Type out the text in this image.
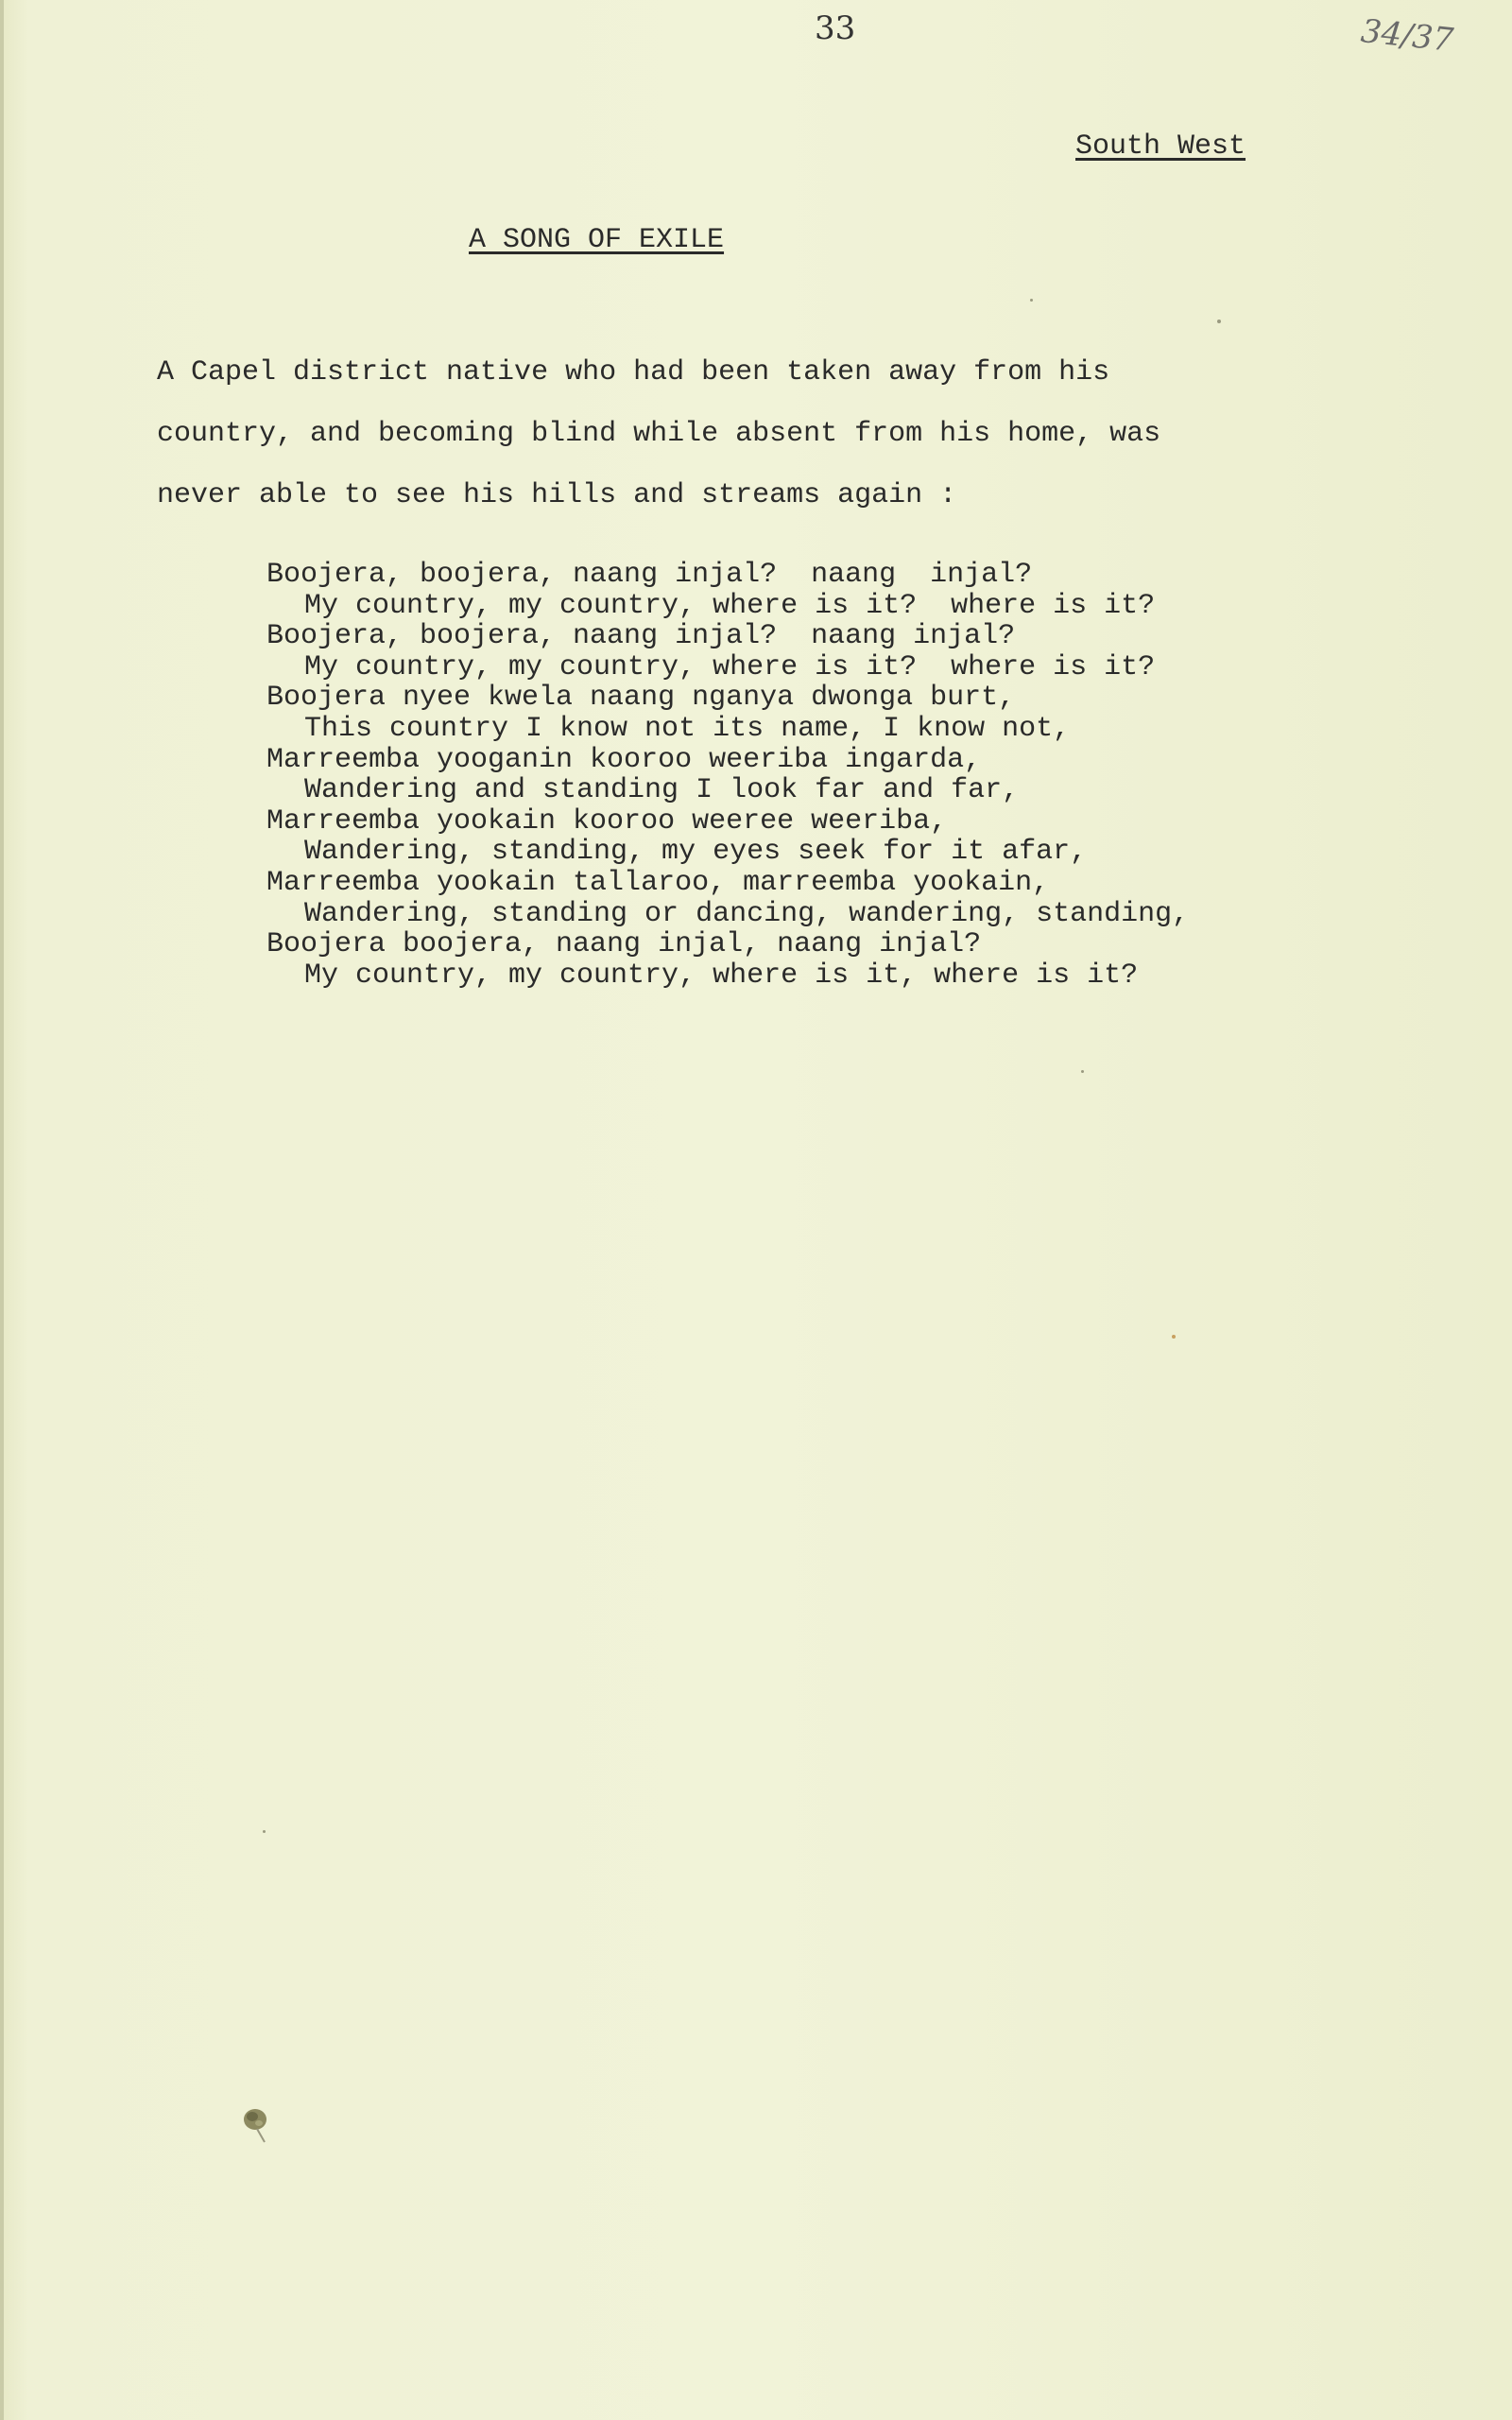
33	34/37
South West
A SONG OF EXILE

A Capel district native who had been taken away from his

country, and becoming blind while absent from his home, was

never able to see his hills and streams again :

Boojera, boojera, naang injal?  naang  injal?
My country, my country, where is it?  where is it?
Boojera, boojera, naang injal?  naang injal?
My country, my country, where is it?  where is it?
Boojera nyee kwela naang nganya dwonga burt,
This country I know not its name, I know not,
Marreemba yooganin kooroo weeriba ingarda,
Wandering and standing I look far and far,
Marreemba yookain kooroo weeree weeriba,
Wandering, standing, my eyes seek for it afar,
Marreemba yookain tallaroo, marreemba yookain,
Wandering, standing or dancing, wandering, standing,
Boojera boojera, naang injal, naang injal?
My country, my country, where is it, where is it?
